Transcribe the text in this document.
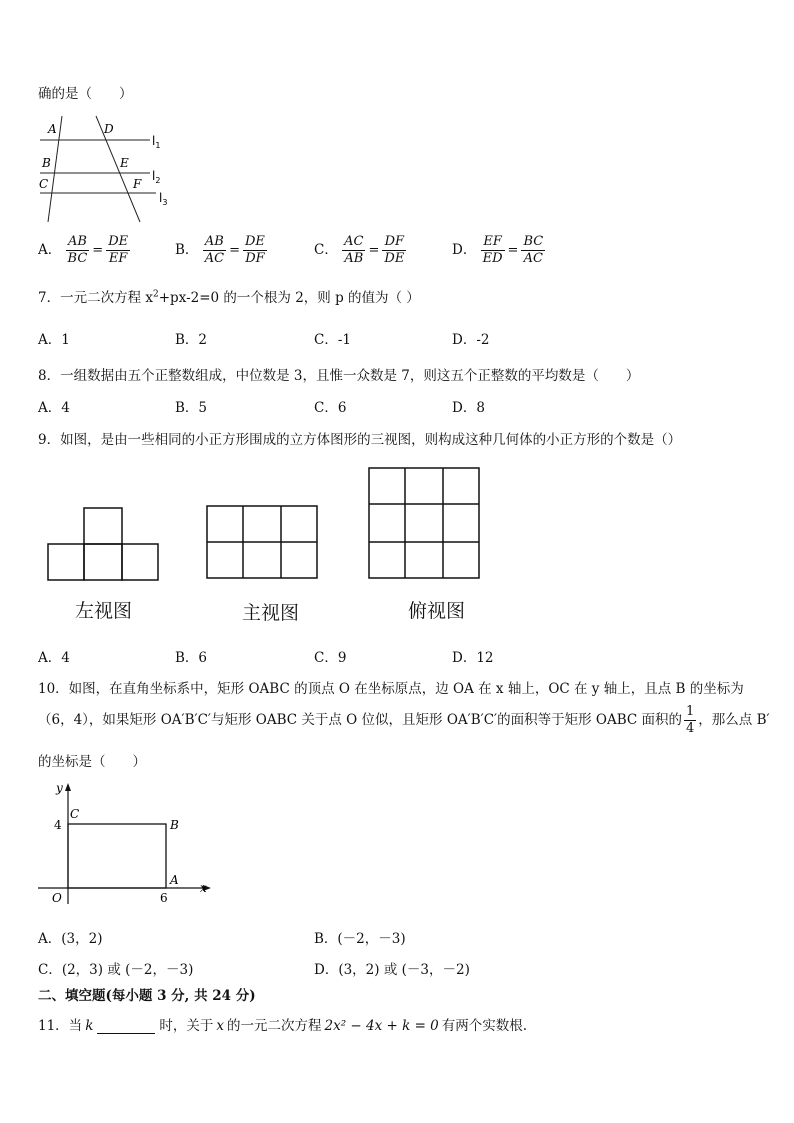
确的是（　　）
A	D
B	E
C	F
$l_1$
$l_2$
$l_3$
A． $\frac{AB}{BC} = \frac{DE}{EF}$	B． $\frac{AB}{AC} = \frac{DE}{DF}$	C． $\frac{AC}{AB} = \frac{DF}{DE}$	D． $\frac{EF}{ED} = \frac{BC}{AC}$
7．一元二次方程 $x^2+px-2=0$ 的一个根为 2，则 p 的值为（ ）
A．1	B．2	C．-1	D．-2
8．一组数据由五个正整数组成，中位数是 3，且惟一众数是 7，则这五个正整数的平均数是（　　）
A．4	B．5	C．6	D．8
9．如图，是由一些相同的小正方形围成的立方体图形的三视图，则构成这种几何体的小正方形的个数是（）
左视图	主视图	俯视图
A．4	B．6	C．9	D．12
10．如图，在直角坐标系中，矩形 OABC 的顶点 O 在坐标原点，边 OA 在 x 轴上，OC 在 y 轴上，且点 B 的坐标为
（6，4），如果矩形 OA′B′C′与矩形 OABC 关于点 O 位似，且矩形 OA′B′C′的面积等于矩形 OABC 面积的 $\frac{1}{4}$ ，那么点 B′
的坐标是（　　）
y
x
O
C
B
A
4
6
A．(3，2)	B．(－2，－3)
C．(2，3) 或 (－2，－3)	D．(3，2) 或 (－3，－2)
二、填空题(每小题 3 分, 共 24 分)
11．当 k	时，关于 x 的一元二次方程 2x² − 4x + k = 0 有两个实数根.
